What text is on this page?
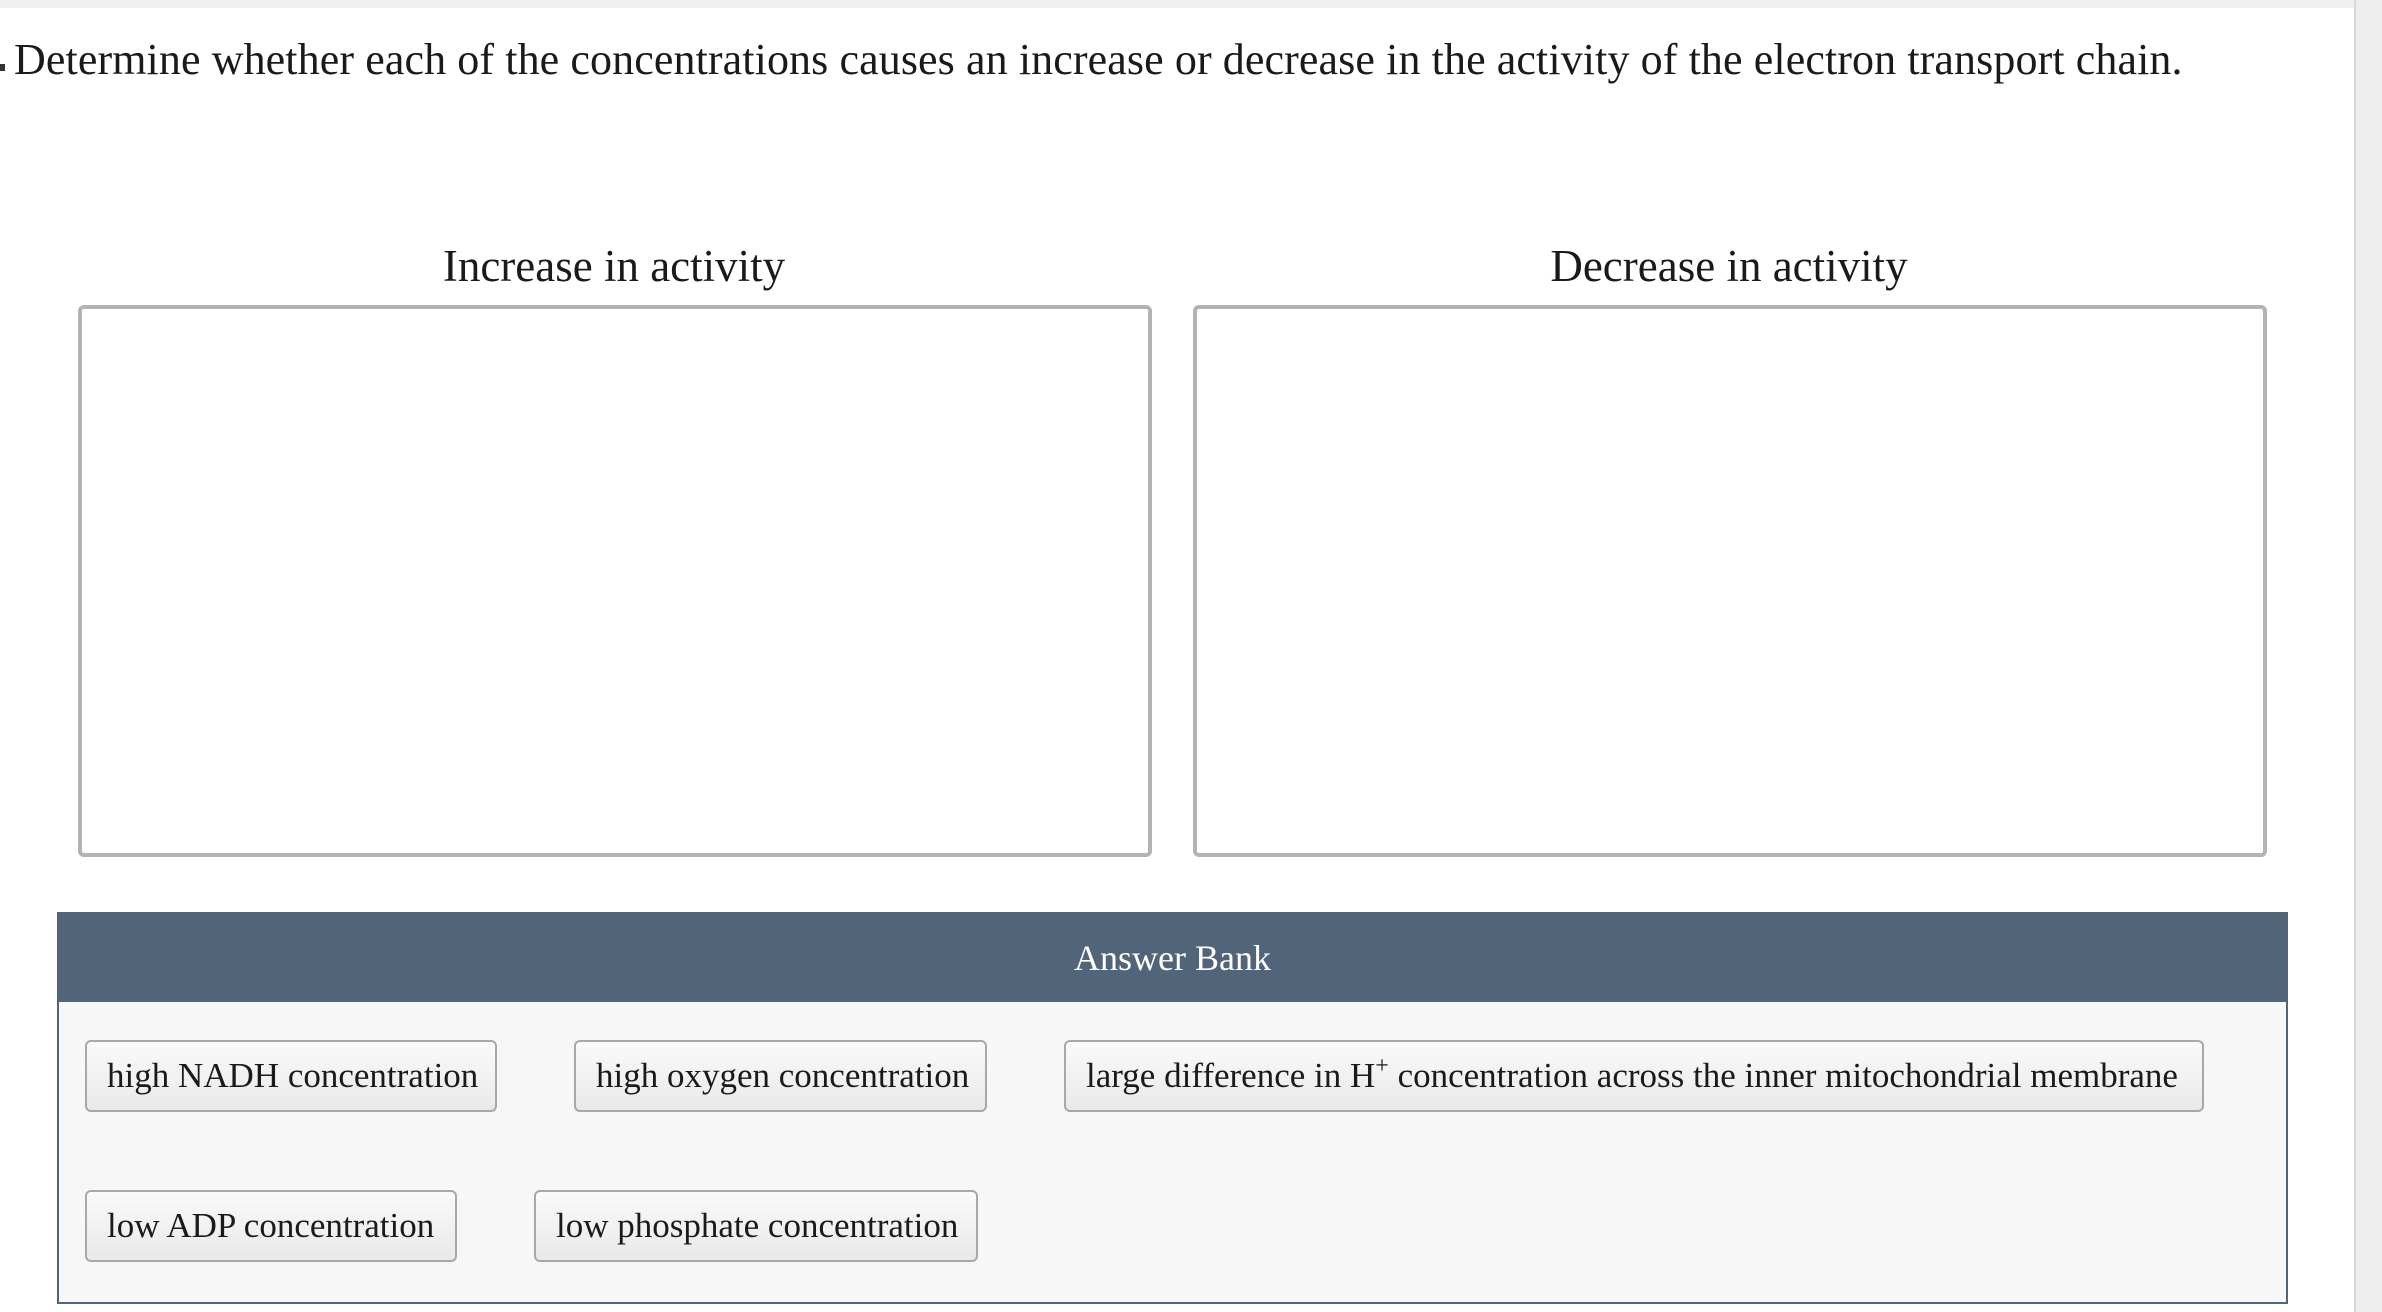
Determine whether each of the concentrations causes an increase or decrease in the activity of the electron transport chain.
Increase in activity	Decrease in activity
Answer Bank
high NADH concentration	high oxygen concentration	large difference in H+ concentration across the inner mitochondrial membrane
low ADP concentration	low phosphate concentration
